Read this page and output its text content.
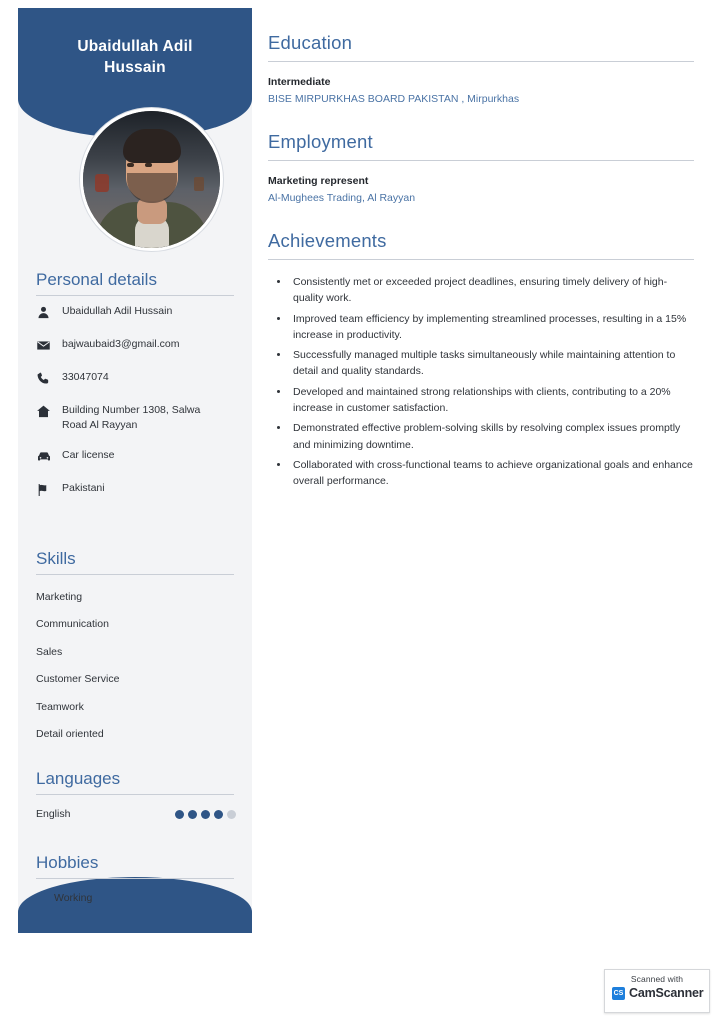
Ubaidullah Adil
Hussain
Personal details
Ubaidullah Adil Hussain
bajwaubaid3@gmail.com
33047074
Building Number 1308, Salwa Road Al Rayyan
Car license
Pakistani
Skills
Marketing
Communication
Sales
Customer Service
Teamwork
Detail oriented
Languages
English
Hobbies
Working
Education
Intermediate
BISE MIRPURKHAS BOARD PAKISTAN , Mirpurkhas
Employment
Marketing represent
Al-Mughees Trading, Al Rayyan
Achievements
• Consistently met or exceeded project deadlines, ensuring timely delivery of high-quality work.
• Improved team efficiency by implementing streamlined processes, resulting in a 15% increase in productivity.
• Successfully managed multiple tasks simultaneously while maintaining attention to detail and quality standards.
• Developed and maintained strong relationships with clients, contributing to a 20% increase in customer satisfaction.
• Demonstrated effective problem-solving skills by resolving complex issues promptly and minimizing downtime.
• Collaborated with cross-functional teams to achieve organizational goals and enhance overall performance.
Scanned with
CS CamScanner
